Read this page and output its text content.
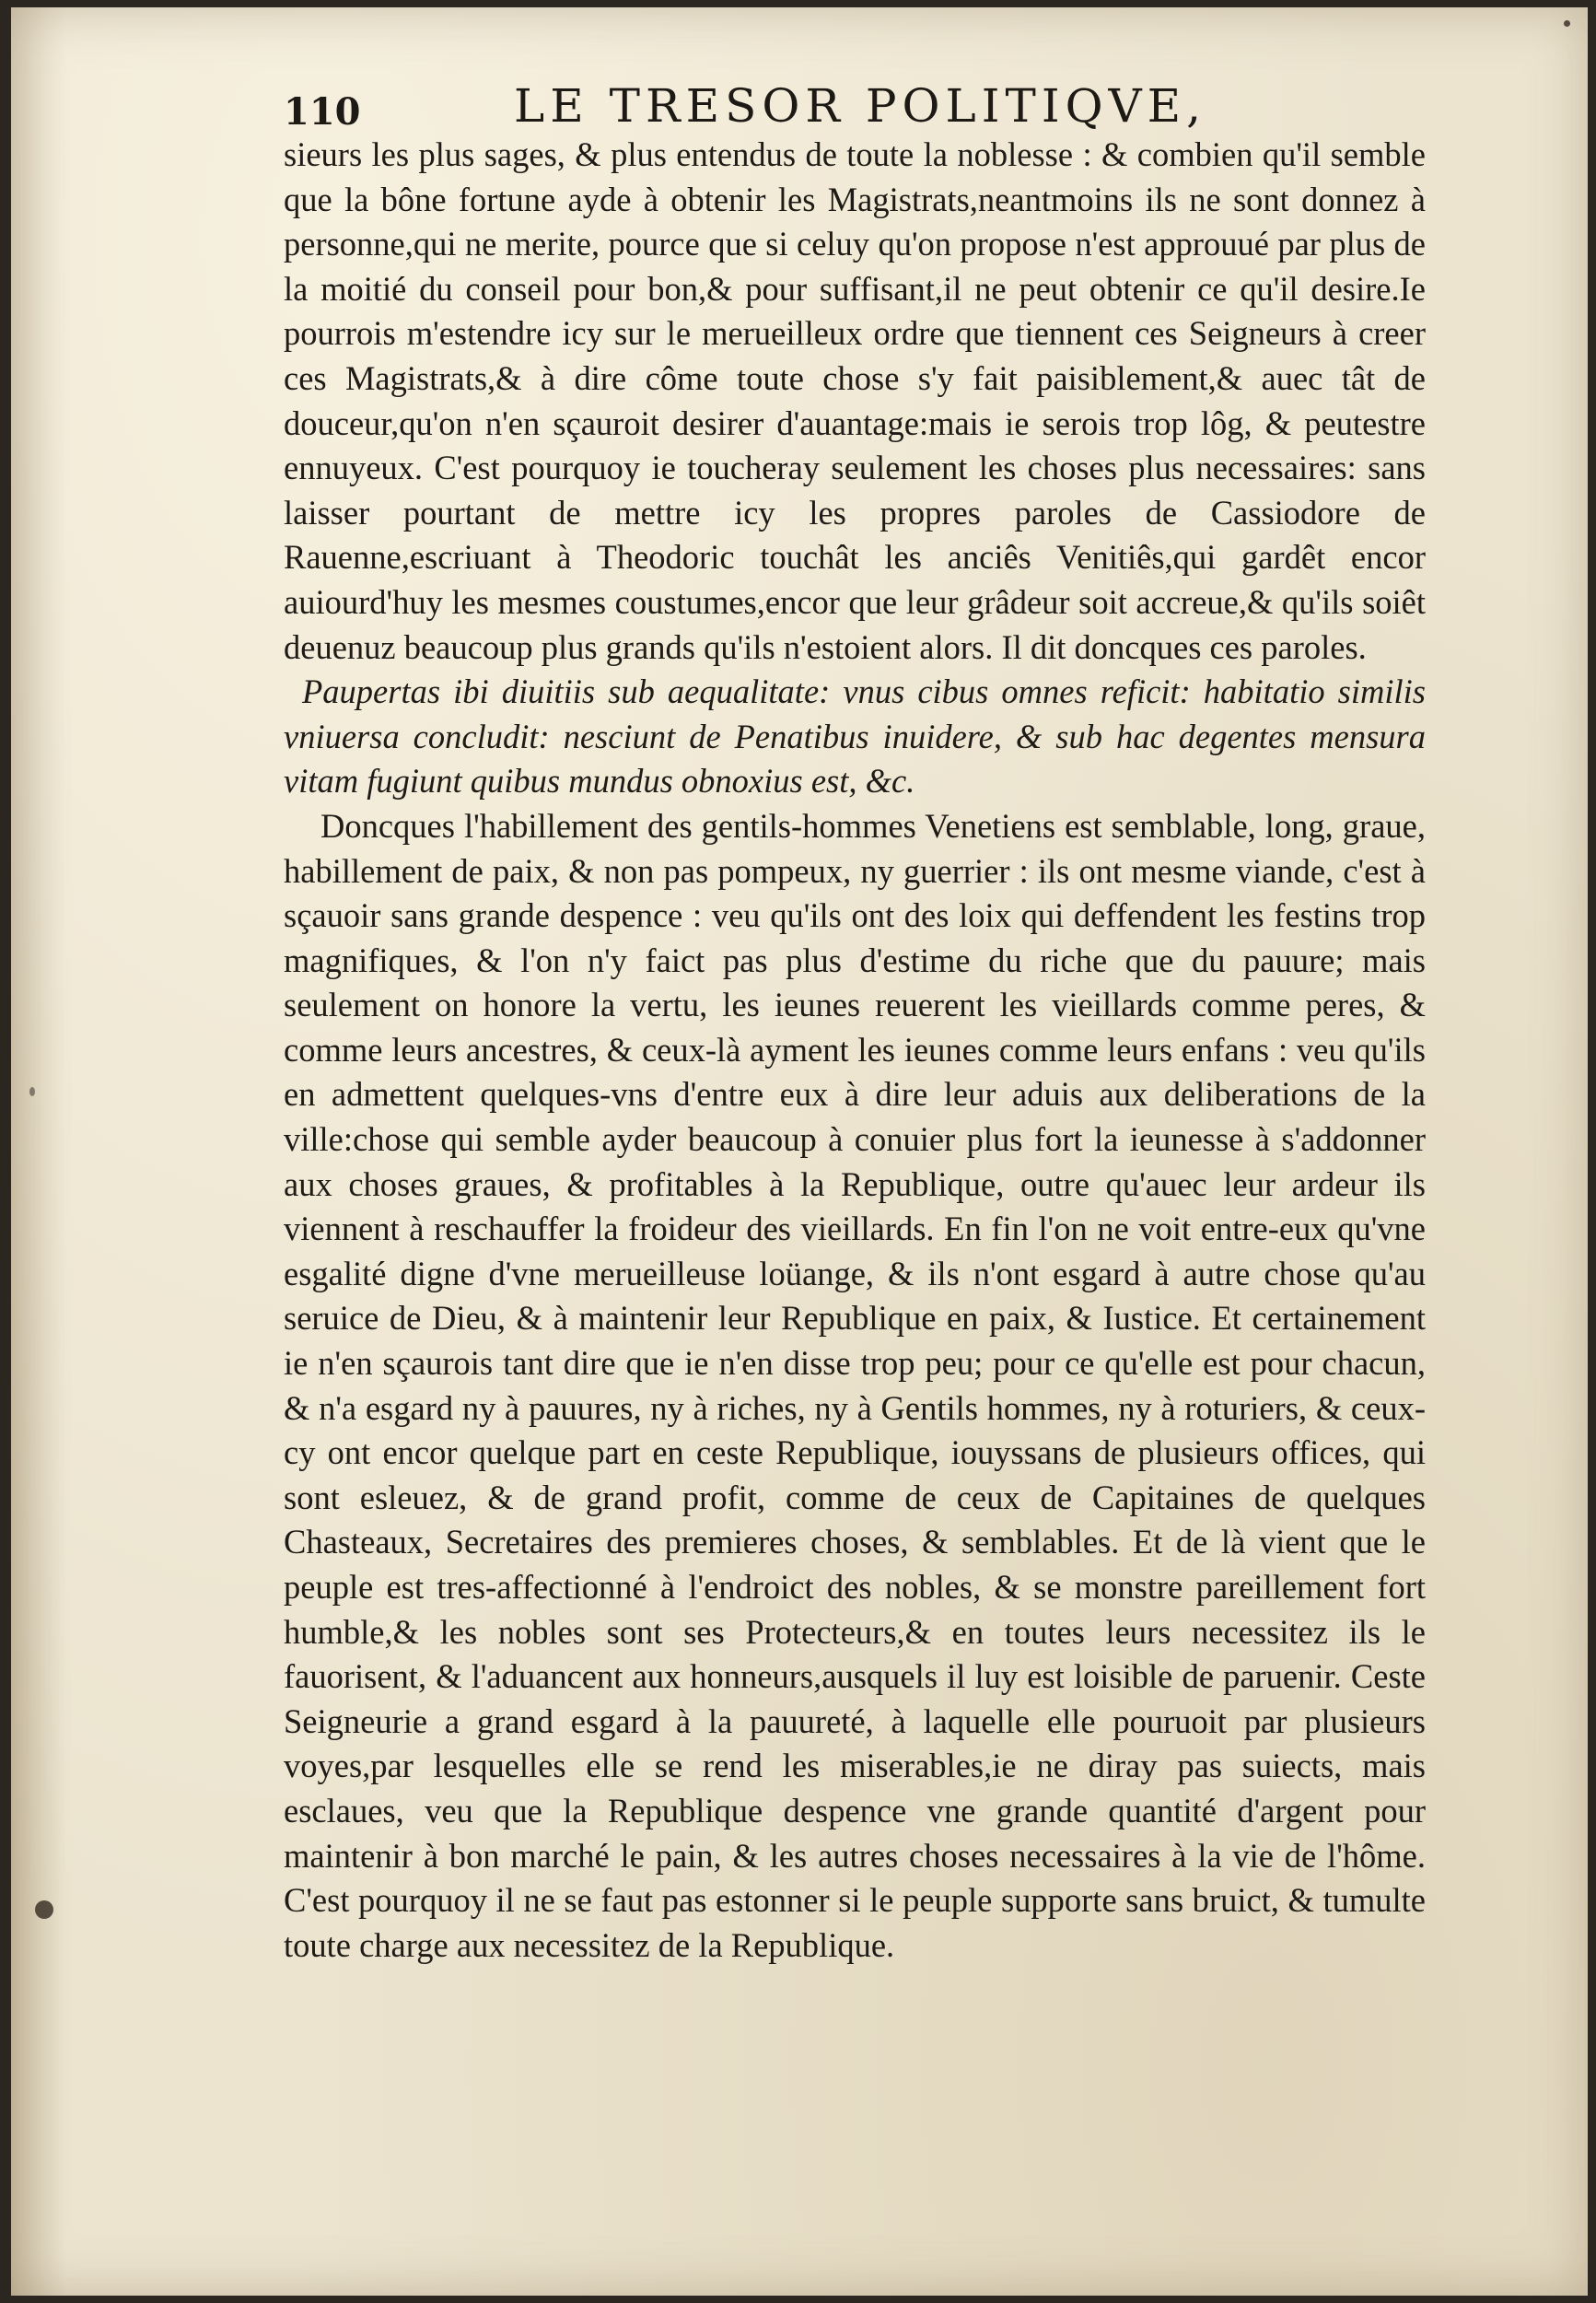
110	LE TRESOR POLITIQVE,

sieurs les plus sages, & plus entendus de toute la noblesse : & combien qu'il semble que la bône fortune ayde à obtenir les Magistrats,neantmoins ils ne sont donnez à personne,qui ne merite, pource que si celuy qu'on propose n'est approuué par plus de la moitié du conseil pour bon,& pour suffisant,il ne peut obtenir ce qu'il desire.Ie pourrois m'estendre icy sur le merueilleux ordre que tiennent ces Seigneurs à creer ces Magistrats,& à dire côme toute chose s'y fait paisiblement,& auec tât de douceur,qu'on n'en sçauroit desirer d'auantage:mais ie serois trop lôg, & peutestre ennuyeux. C'est pourquoy ie toucheray seulement les choses plus necessaires: sans laisser pourtant de mettre icy les propres paroles de Cassiodore de Rauenne,escriuant à Theodoric touchât les anciês Venitiês,qui gardêt encor auiourd'huy les mesmes coustumes,encor que leur grâdeur soit accreue,& qu'ils soiêt deuenuz beaucoup plus grands qu'ils n'estoient alors. Il dit doncques ces paroles.

Paupertas ibi diuitiis sub aequalitate: vnus cibus omnes reficit: habitatio similis vniuersa concludit: nesciunt de Penatibus inuidere, & sub hac degentes mensura vitam fugiunt quibus mundus obnoxius est, &c.

Doncques l'habillement des gentils-hommes Venetiens est semblable, long, graue, habillement de paix, & non pas pompeux, ny guerrier : ils ont mesme viande, c'est à sçauoir sans grande despence : veu qu'ils ont des loix qui deffendent les festins trop magnifiques, & l'on n'y faict pas plus d'estime du riche que du pauure; mais seulement on honore la vertu, les ieunes reuerent les vieillards comme peres, & comme leurs ancestres, & ceux-là ayment les ieunes comme leurs enfans : veu qu'ils en admettent quelques-vns d'entre eux à dire leur aduis aux deliberations de la ville:chose qui semble ayder beaucoup à conuier plus fort la ieunesse à s'addonner aux choses graues, & profitables à la Republique, outre qu'auec leur ardeur ils viennent à reschauffer la froideur des vieillards. En fin l'on ne voit entre-eux qu'vne esgalité digne d'vne merueilleuse loüange, & ils n'ont esgard à autre chose qu'au seruice de Dieu, & à maintenir leur Republique en paix, & Iustice. Et certainement ie n'en sçaurois tant dire que ie n'en disse trop peu; pour ce qu'elle est pour chacun, & n'a esgard ny à pauures, ny à riches, ny à Gentils hommes, ny à roturiers, & ceux-cy ont encor quelque part en ceste Republique, iouyssans de plusieurs offices, qui sont esleuez, & de grand profit, comme de ceux de Capitaines de quelques Chasteaux, Secretaires des premieres choses, & semblables. Et de là vient que le peuple est tres-affectionné à l'endroict des nobles, & se monstre pareillement fort humble,& les nobles sont ses Protecteurs,& en toutes leurs necessitez ils le fauorisent, & l'aduancent aux honneurs,ausquels il luy est loisible de paruenir. Ceste Seigneurie a grand esgard à la pauureté, à laquelle elle pouruoit par plusieurs voyes,par lesquelles elle se rend les miserables,ie ne diray pas suiects, mais esclaues, veu que la Republique despence vne grande quantité d'argent pour maintenir à bon marché le pain, & les autres choses necessaires à la vie de l'hôme. C'est pourquoy il ne se faut pas estonner si le peuple supporte sans bruict, & tumulte toute charge aux necessitez de la Republique.
